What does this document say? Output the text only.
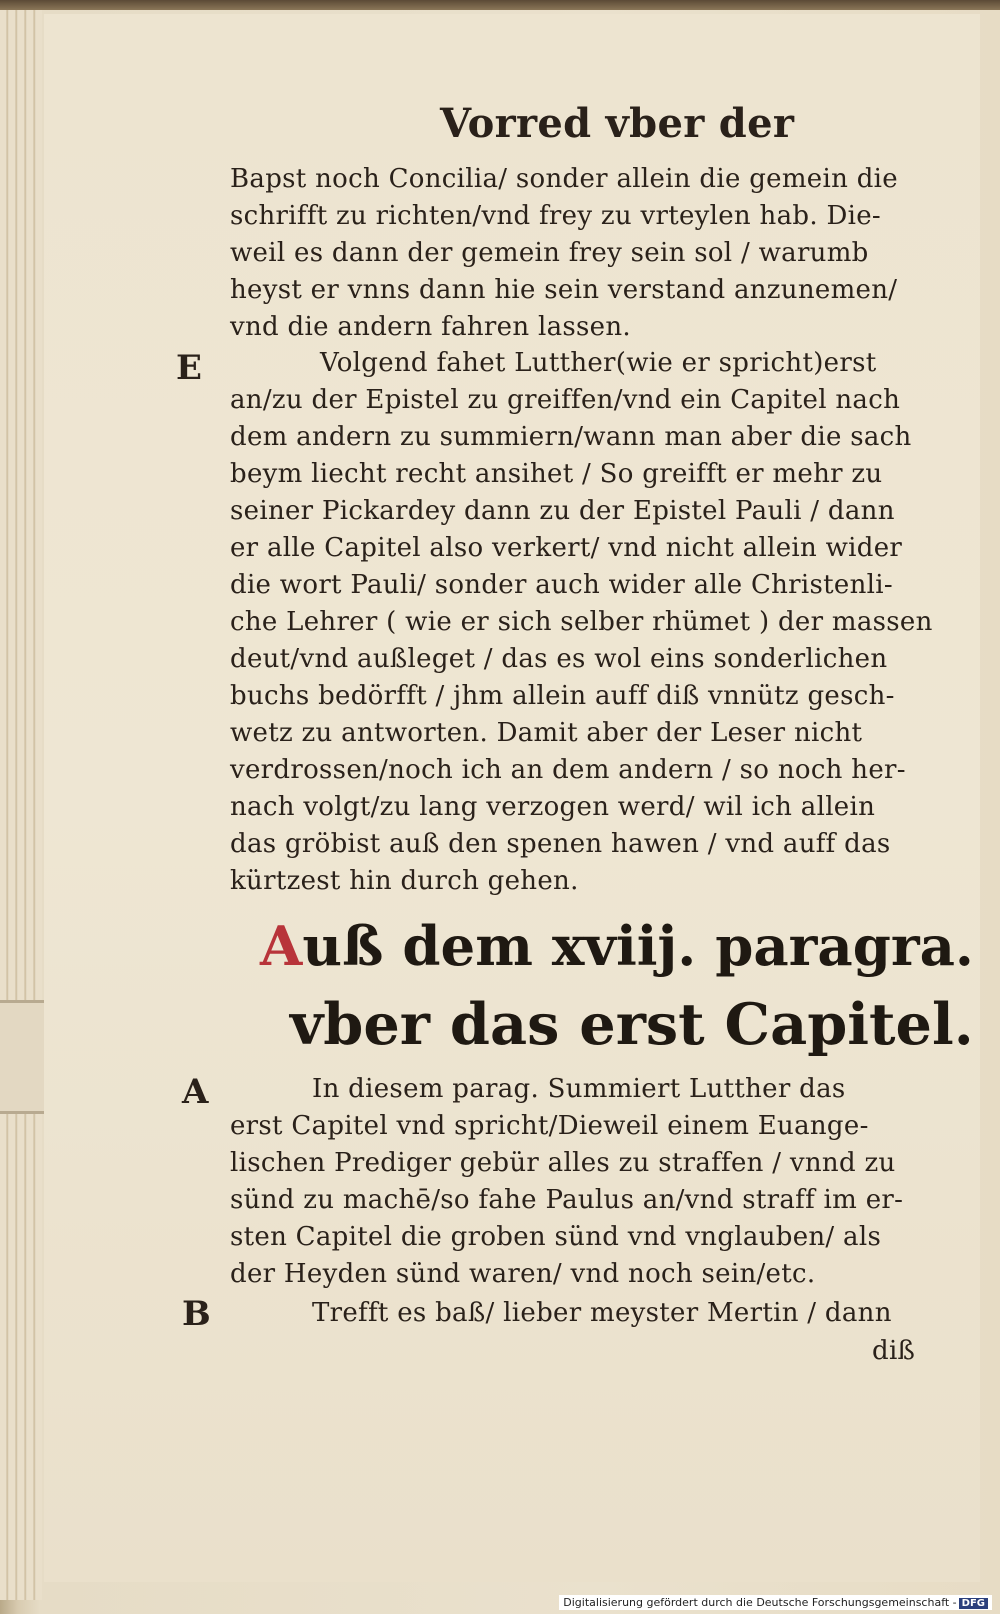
Vorred vber der
Bapst noch Concilia/ sonder allein die gemein die
schrifft zu richten/vnd frey zu vrteylen hab. Die-
weil es dann der gemein frey sein sol / warumb
heyst er vnns dann hie sein verstand anzunemen/
vnd die andern fahren lassen.
E	Volgend fahet Lutther(wie er spricht)erst
an/zu der Epistel zu greiffen/vnd ein Capitel nach
dem andern zu summiern/wann man aber die sach
beym liecht recht ansihet / So greifft er mehr zu
seiner Pickardey dann zu der Epistel Pauli / dann
er alle Capitel also verkert/ vnd nicht allein wider
die wort Pauli/ sonder auch wider alle Christenli-
che Lehrer ( wie er sich selber rhümet ) der massen
deut/vnd außleget / das es wol eins sonderlichen
buchs bedörfft / jhm allein auff diß vnnütz gesch-
wetz zu antworten. Damit aber der Leser nicht
verdrossen/noch ich an dem andern / so noch her-
nach volgt/zu lang verzogen werd/ wil ich allein
das gröbist auß den spenen hawen / vnd auff das
kürtzest hin durch gehen.
Auß dem xviij. paragra.
vber das erst Capitel.
A	In diesem parag. Summiert Lutther das
erst Capitel vnd spricht/Dieweil einem Euange-
lischen Prediger gebür alles zu straffen / vnnd zu
sünd zu machē/so fahe Paulus an/vnd straff im er-
sten Capitel die groben sünd vnd vnglauben/ als
der Heyden sünd waren/ vnd noch sein/etc.
B	Trefft es baß/ lieber meyster Mertin / dann
diß
Digitalisierung gefördert durch die Deutsche Forschungsgemeinschaft - DFG
